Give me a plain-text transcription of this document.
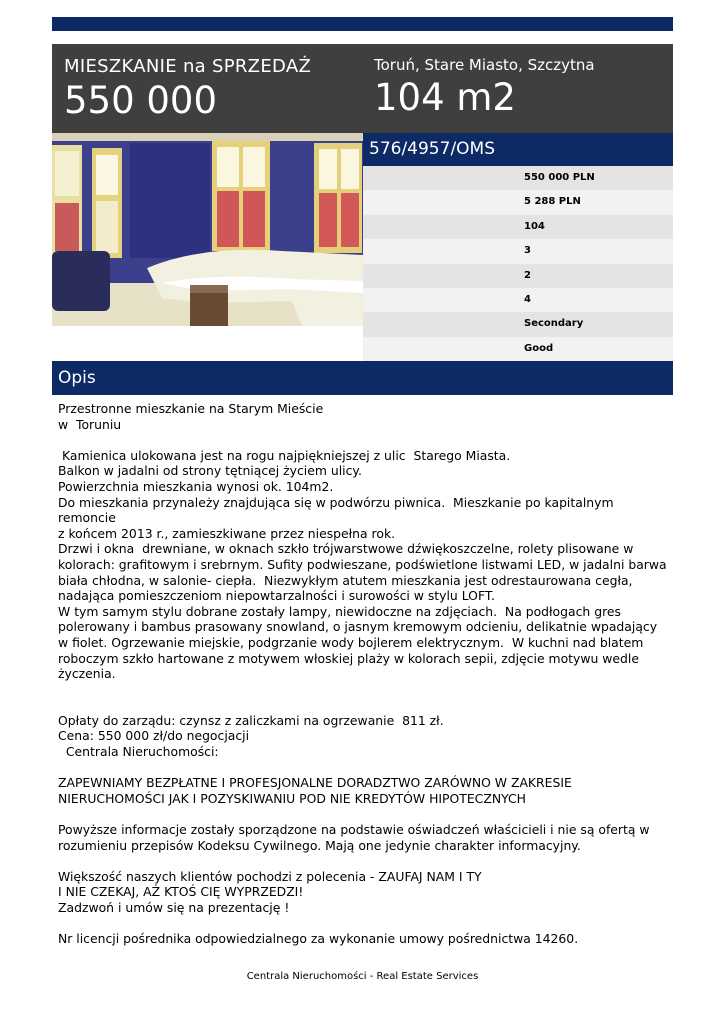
MIESZKANIE na SPRZEDAŻ
550 000
Toruń, Stare Miasto, Szczytna
104 m2
576/4957/OMS
550 000 PLN
5 288 PLN
104
3
2
4
Secondary
Good
Opis
Przestronne mieszkanie na Starym Mieście
w  Toruniu

Kamienica ulokowana jest na rogu najpiękniejszej z ulic  Starego Miasta.
Balkon w jadalni od strony tętniącej życiem ulicy.
Powierzchnia mieszkania wynosi ok. 104m2.
Do mieszkania przynależy znajdująca się w podwórzu piwnica.  Mieszkanie po kapitalnym remoncie
z końcem 2013 r., zamieszkiwane przez niespełna rok.
Drzwi i okna  drewniane, w oknach szkło trójwarstwowe dźwiękoszczelne, rolety plisowane w
kolorach: grafitowym i srebrnym. Sufity podwieszane, podświetlone listwami LED, w jadalni barwa
biała chłodna, w salonie- ciepła.  Niezwykłym atutem mieszkania jest odrestaurowana cegła,
nadająca pomieszczeniom niepowtarzalności i surowości w stylu LOFT.
W tym samym stylu dobrane zostały lampy, niewidoczne na zdjęciach.  Na podłogach gres
polerowany i bambus prasowany snowland, o jasnym kremowym odcieniu, delikatnie wpadający
w fiolet. Ogrzewanie miejskie, podgrzanie wody bojlerem elektrycznym.  W kuchni nad blatem
roboczym szkło hartowane z motywem włoskiej plaży w kolorach sepii, zdjęcie motywu wedle
życzenia.

Opłaty do zarządu: czynsz z zaliczkami na ogrzewanie  811 zł.
Cena: 550 000 zł/do negocjacji
Centrala Nieruchomości:

ZAPEWNIAMY BEZPŁATNE I PROFESJONALNE DORADZTWO ZARÓWNO W ZAKRESIE
NIERUCHOMOŚCI JAK I POZYSKIWANIU POD NIE KREDYTÓW HIPOTECZNYCH

Powyższe informacje zostały sporządzone na podstawie oświadczeń właścicieli i nie są ofertą w
rozumieniu przepisów Kodeksu Cywilnego. Mają one jedynie charakter informacyjny.

Większość naszych klientów pochodzi z polecenia - ZAUFAJ NAM I TY
I NIE CZEKAJ, AŻ KTOŚ CIĘ WYPRZEDZI!
Zadzwoń i umów się na prezentację !

Nr licencji pośrednika odpowiedzialnego za wykonanie umowy pośrednictwa 14260.
Centrala Nieruchomości - Real Estate Services
